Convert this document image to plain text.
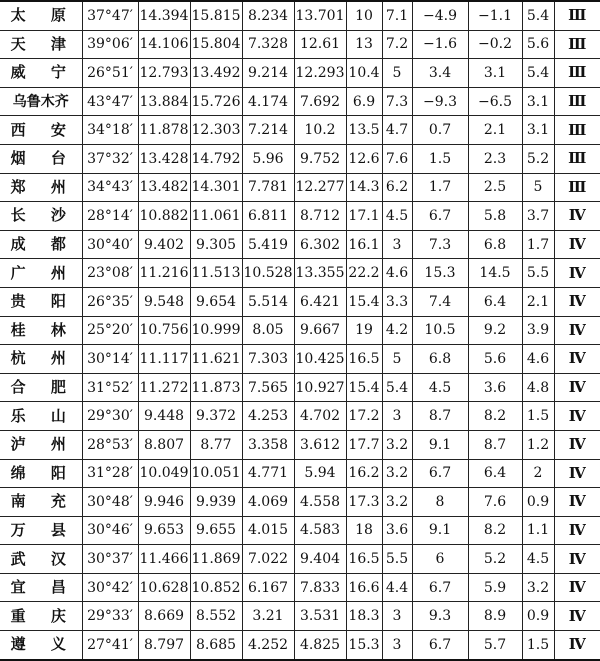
太 原	37°47′	14.394	15.815	8.234	13.701	10	7.1	−4.9	−1.1	5.4	Ⅲ
天 津	39°06′	14.106	15.804	7.328	12.61	13	7.2	−1.6	−0.2	5.6	Ⅲ
威 宁	26°51′	12.793	13.492	9.214	12.293	10.4	5	3.4	3.1	5.4	Ⅲ
乌鲁木齐	43°47′	13.884	15.726	4.174	7.692	6.9	7.3	−9.3	−6.5	3.1	Ⅲ
西 安	34°18′	11.878	12.303	7.214	10.2	13.5	4.7	0.7	2.1	3.1	Ⅲ
烟 台	37°32′	13.428	14.792	5.96	9.752	12.6	7.6	1.5	2.3	5.2	Ⅲ
郑 州	34°43′	13.482	14.301	7.781	12.277	14.3	6.2	1.7	2.5	5	Ⅲ
长 沙	28°14′	10.882	11.061	6.811	8.712	17.1	4.5	6.7	5.8	3.7	Ⅳ
成 都	30°40′	9.402	9.305	5.419	6.302	16.1	3	7.3	6.8	1.7	Ⅳ
广 州	23°08′	11.216	11.513	10.528	13.355	22.2	4.6	15.3	14.5	5.5	Ⅳ
贵 阳	26°35′	9.548	9.654	5.514	6.421	15.4	3.3	7.4	6.4	2.1	Ⅳ
桂 林	25°20′	10.756	10.999	8.05	9.667	19	4.2	10.5	9.2	3.9	Ⅳ
杭 州	30°14′	11.117	11.621	7.303	10.425	16.5	5	6.8	5.6	4.6	Ⅳ
合 肥	31°52′	11.272	11.873	7.565	10.927	15.4	5.4	4.5	3.6	4.8	Ⅳ
乐 山	29°30′	9.448	9.372	4.253	4.702	17.2	3	8.7	8.2	1.5	Ⅳ
泸 州	28°53′	8.807	8.77	3.358	3.612	17.7	3.2	9.1	8.7	1.2	Ⅳ
绵 阳	31°28′	10.049	10.051	4.771	5.94	16.2	3.2	6.7	6.4	2	Ⅳ
南 充	30°48′	9.946	9.939	4.069	4.558	17.3	3.2	8	7.6	0.9	Ⅳ
万 县	30°46′	9.653	9.655	4.015	4.583	18	3.6	9.1	8.2	1.1	Ⅳ
武 汉	30°37′	11.466	11.869	7.022	9.404	16.5	5.5	6	5.2	4.5	Ⅳ
宜 昌	30°42′	10.628	10.852	6.167	7.833	16.6	4.4	6.7	5.9	3.2	Ⅳ
重 庆	29°33′	8.669	8.552	3.21	3.531	18.3	3	9.3	8.9	0.9	Ⅳ
遵 义	27°41′	8.797	8.685	4.252	4.825	15.3	3	6.7	5.7	1.5	Ⅳ
